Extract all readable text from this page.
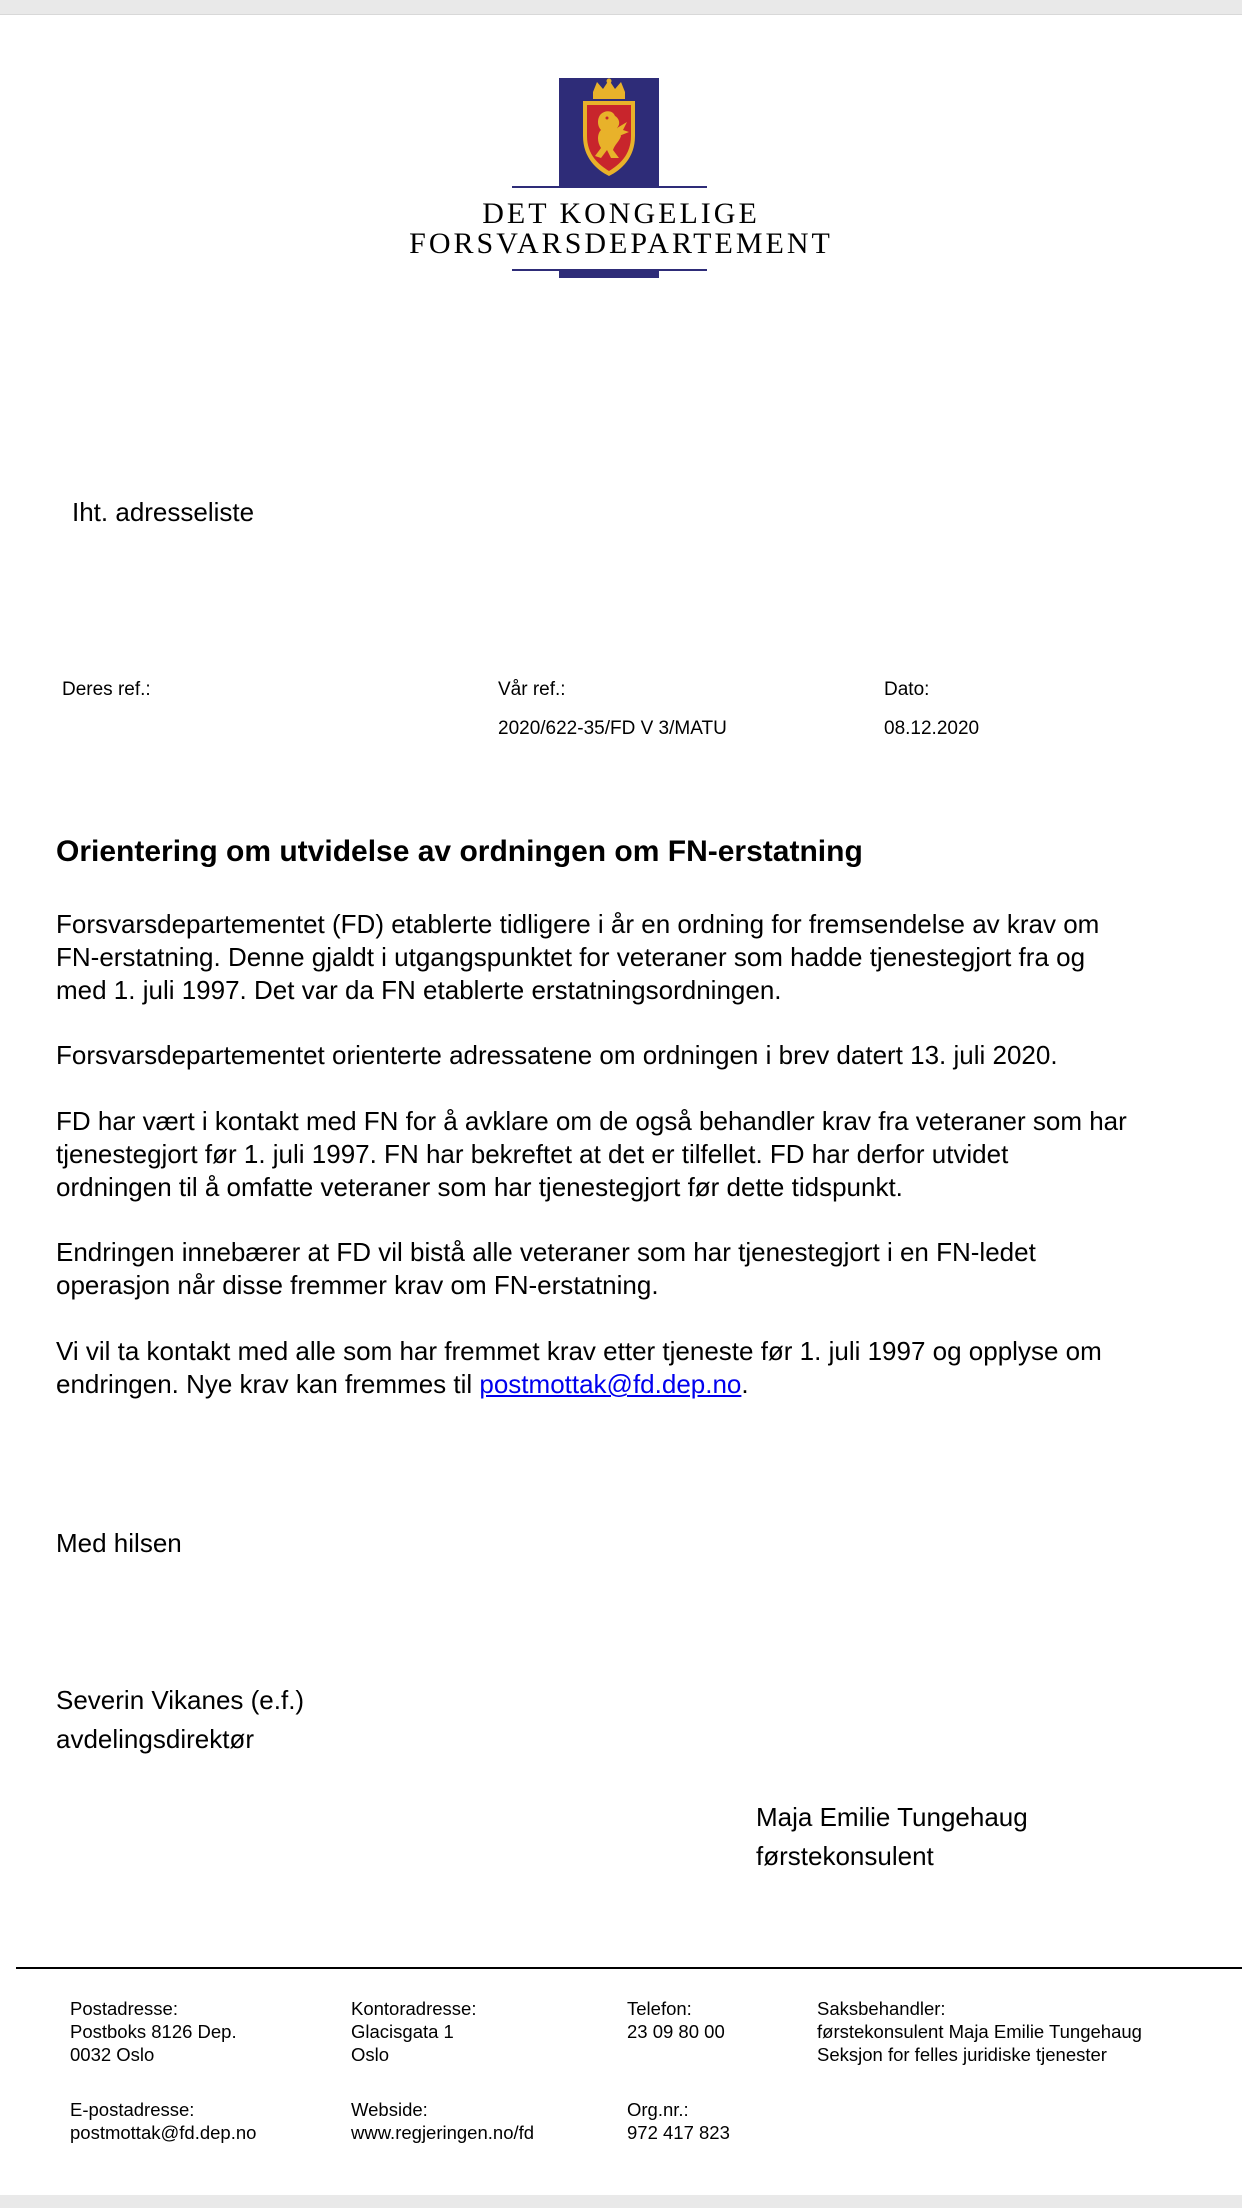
DET KONGELIGE
FORSVARSDEPARTEMENT
Iht. adresseliste
Deres ref.:	Vår ref.:
2020/622-35/FD V 3/MATU
Dato:
08.12.2020
Orientering om utvidelse av ordningen om FN-erstatning
Forsvarsdepartementet (FD) etablerte tidligere i år en ordning for fremsendelse av krav om
FN-erstatning. Denne gjaldt i utgangspunktet for veteraner som hadde tjenestegjort fra og
med 1. juli 1997. Det var da FN etablerte erstatningsordningen.
Forsvarsdepartementet orienterte adressatene om ordningen i brev datert 13. juli 2020.
FD har vært i kontakt med FN for å avklare om de også behandler krav fra veteraner som har
tjenestegjort før 1. juli 1997. FN har bekreftet at det er tilfellet. FD har derfor utvidet
ordningen til å omfatte veteraner som har tjenestegjort før dette tidspunkt.
Endringen innebærer at FD vil bistå alle veteraner som har tjenestegjort i en FN-ledet
operasjon når disse fremmer krav om FN-erstatning.
Vi vil ta kontakt med alle som har fremmet krav etter tjeneste før 1. juli 1997 og opplyse om
endringen. Nye krav kan fremmes til postmottak@fd.dep.no.
Med hilsen
Severin Vikanes (e.f.)
avdelingsdirektør
Maja Emilie Tungehaug
førstekonsulent
Postadresse:
Postboks 8126 Dep.
0032 Oslo
Kontoradresse:
Glacisgata 1
Oslo
Telefon:
23 09 80 00
Saksbehandler:
førstekonsulent Maja Emilie Tungehaug
Seksjon for felles juridiske tjenester
E-postadresse:
postmottak@fd.dep.no
Webside:
www.regjeringen.no/fd
Org.nr.:
972 417 823
